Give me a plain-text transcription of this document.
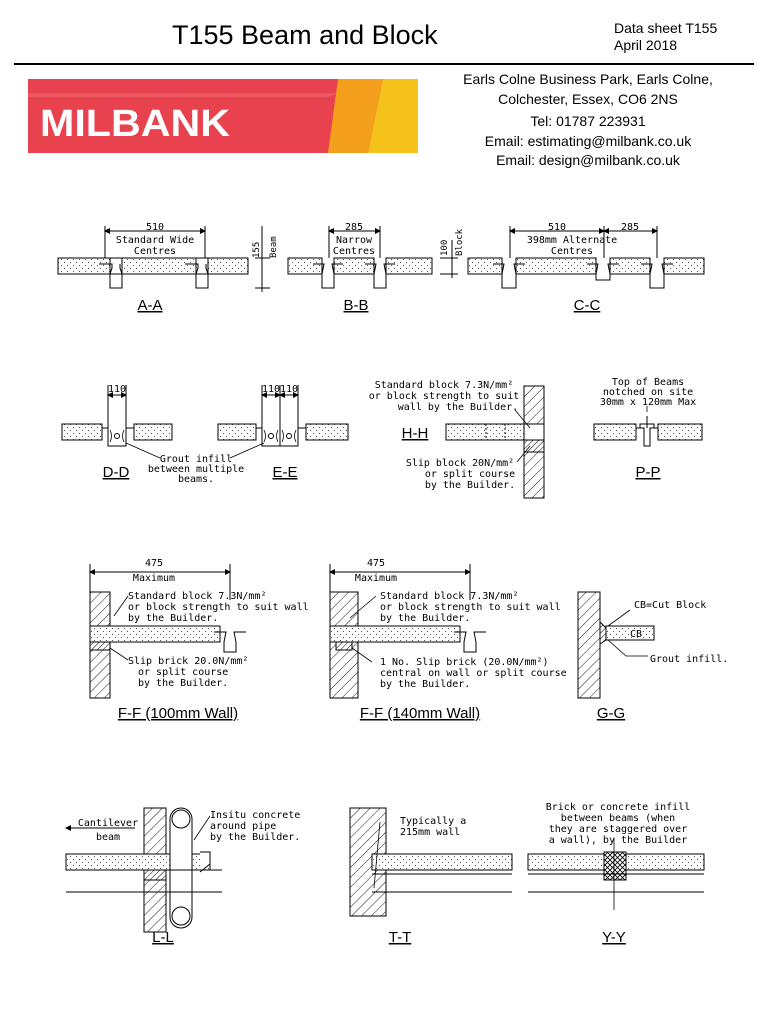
T155 Beam and Block	Data sheet T155
April 2018
MILBANK
Earls Colne Business Park, Earls Colne,
Colchester, Essex, CO6 2NS
Tel: 01787 223931
Email: estimating@milbank.co.uk
Email: design@milbank.co.uk
510
Standard Wide
Centres	155 Beam
A-A
285
Narrow
Centres	100 Block
B-B
510	285
398mm Alternate
Centres
C-C
110
D-D
110 110
Grout infill
between multiple
beams.	E-E
Standard block 7.3N/mm²
or block strength to suit
wall by the Builder.
H-H
Slip block 20N/mm²
or split course
by the Builder.
Top of Beams
notched on site
30mm x 120mm Max
P-P
475
Maximum
Standard block 7.3N/mm²
or block strength to suit wall
by the Builder.
Slip brick 20.0N/mm²
or split course
by the Builder.
F-F (100mm Wall)
475
Maximum
Standard block 7.3N/mm²
or block strength to suit wall
by the Builder.
1 No. Slip brick (20.0N/mm²)
central on wall or split course
by the Builder.
F-F (140mm Wall)
CB=Cut Block
CB
Grout infill.
G-G
Cantilever
beam
Insitu concrete
around pipe
by the Builder.
L-L
Typically a
215mm wall
T-T
Brick or concrete infill
between beams (when
they are staggered over
a wall), by the Builder
Y-Y
